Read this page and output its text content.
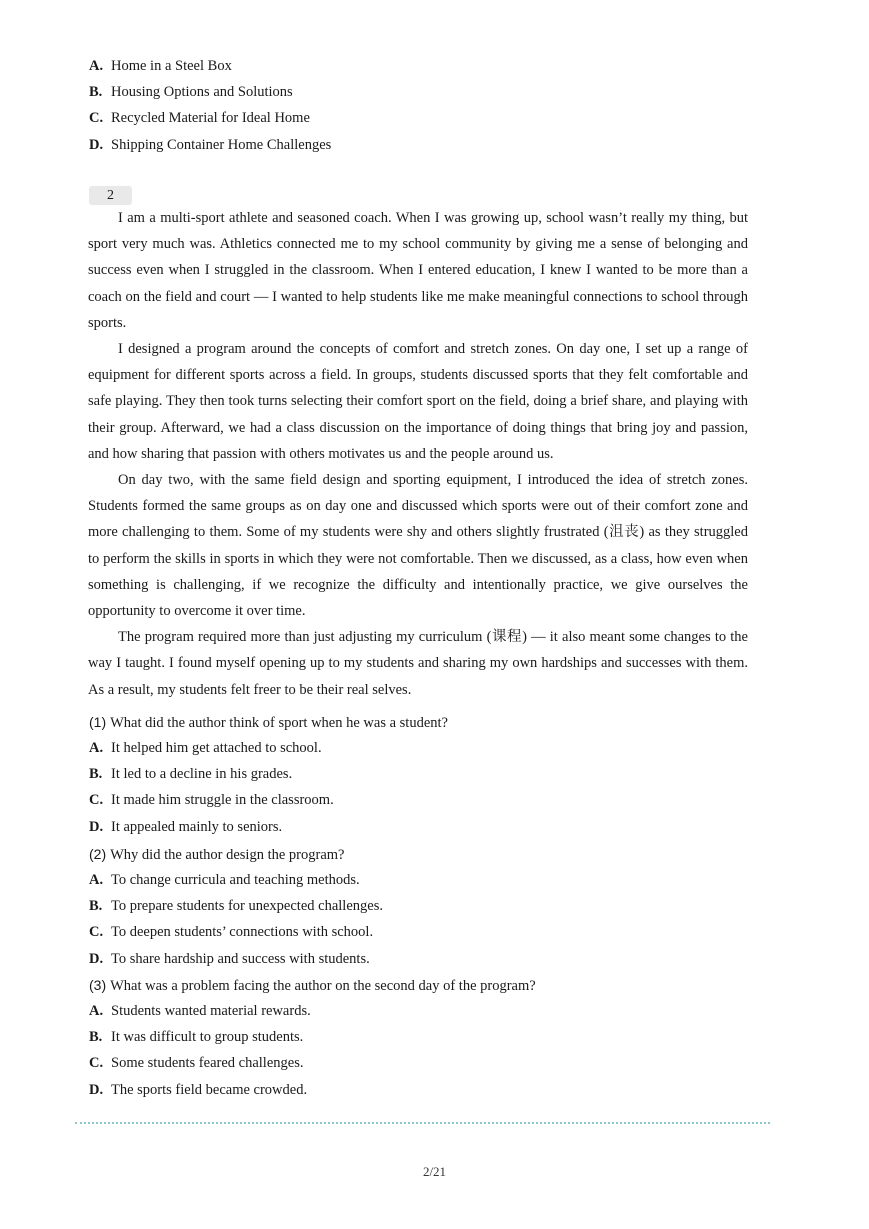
A. Home in a Steel Box
B. Housing Options and Solutions
C. Recycled Material for Ideal Home
D. Shipping Container Home Challenges
2

I am a multi-sport athlete and seasoned coach. When I was growing up, school wasn’t really my thing, but sport very much was. Athletics connected me to my school community by giving me a sense of belonging and success even when I struggled in the classroom. When I entered education, I knew I wanted to be more than a coach on the field and court — I wanted to help students like me make meaningful connections to school through sports.

I designed a program around the concepts of comfort and stretch zones. On day one, I set up a range of equipment for different sports across a field. In groups, students discussed sports that they felt comfortable and safe playing. They then took turns selecting their comfort sport on the field, doing a brief share, and playing with their group. Afterward, we had a class discussion on the importance of doing things that bring joy and passion, and how sharing that passion with others motivates us and the people around us.

On day two, with the same field design and sporting equipment, I introduced the idea of stretch zones. Students formed the same groups as on day one and discussed which sports were out of their comfort zone and more challenging to them. Some of my students were shy and others slightly frustrated (沮丧) as they struggled to perform the skills in sports in which they were not comfortable. Then we discussed, as a class, how even when something is challenging, if we recognize the difficulty and intentionally practice, we give ourselves the opportunity to overcome it over time.

The program required more than just adjusting my curriculum (课程) — it also meant some changes to the way I taught. I found myself opening up to my students and sharing my own hardships and successes with them. As a result, my students felt freer to be their real selves.

(1) What did the author think of sport when he was a student?
A. It helped him get attached to school.
B. It led to a decline in his grades.
C. It made him struggle in the classroom.
D. It appealed mainly to seniors.
(2) Why did the author design the program?
A. To change curricula and teaching methods.
B. To prepare students for unexpected challenges.
C. To deepen students’ connections with school.
D. To share hardship and success with students.
(3) What was a problem facing the author on the second day of the program?
A. Students wanted material rewards.
B. It was difficult to group students.
C. Some students feared challenges.
D. The sports field became crowded.
2/21
